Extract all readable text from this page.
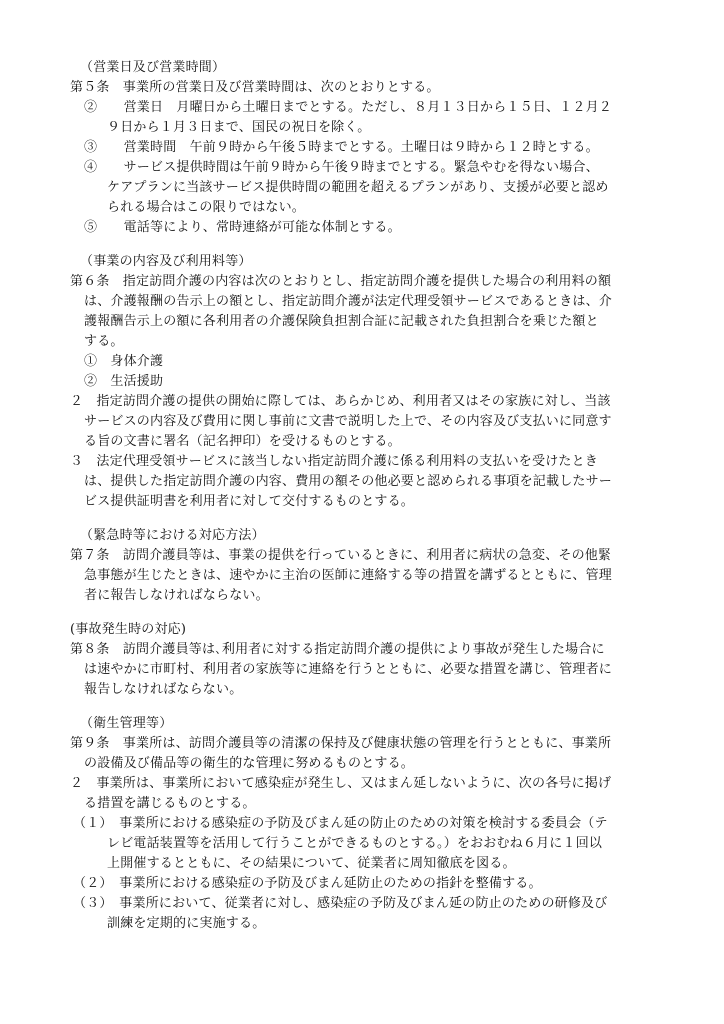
（営業日及び営業時間）
第５条　事業所の営業日及び営業時間は、次のとおりとする。
②　　営業日　月曜日から土曜日までとする。ただし、８月１３日から１５日、１２月２
９日から１月３日まで、国民の祝日を除く。
③　　営業時間　午前９時から午後５時までとする。土曜日は９時から１２時とする。
④　　サービス提供時間は午前９時から午後９時までとする。緊急やむを得ない場合、
ケアプランに当該サービス提供時間の範囲を超えるプランがあり、支援が必要と認め
られる場合はこの限りではない。
⑤　　電話等により、常時連絡が可能な体制とする。
（事業の内容及び利用料等）
第６条　指定訪問介護の内容は次のとおりとし、指定訪問介護を提供した場合の利用料の額
は、介護報酬の告示上の額とし、指定訪問介護が法定代理受領サービスであるときは、介
護報酬告示上の額に各利用者の介護保険負担割合証に記載された負担割合を乗じた額と
する。
①　身体介護
②　生活援助
２　指定訪問介護の提供の開始に際しては、あらかじめ、利用者又はその家族に対し、当該
サービスの内容及び費用に関し事前に文書で説明した上で、その内容及び支払いに同意す
る旨の文書に署名（記名押印）を受けるものとする。
３　法定代理受領サービスに該当しない指定訪問介護に係る利用料の支払いを受けたとき
は、提供した指定訪問介護の内容、費用の額その他必要と認められる事項を記載したサー
ビス提供証明書を利用者に対して交付するものとする。
（緊急時等における対応方法）
第７条　訪問介護員等は、事業の提供を行っているときに、利用者に病状の急変、その他緊
急事態が生じたときは、速やかに主治の医師に連絡する等の措置を講ずるとともに、管理
者に報告しなければならない。
(事故発生時の対応)
第８条　訪問介護員等は､利用者に対する指定訪問介護の提供により事故が発生した場合に
は速やかに市町村、利用者の家族等に連絡を行うとともに、必要な措置を講じ、管理者に
報告しなければならない。
（衛生管理等）
第９条　事業所は、訪問介護員等の清潔の保持及び健康状態の管理を行うとともに、事業所
の設備及び備品等の衛生的な管理に努めるものとする。
２　事業所は、事業所において感染症が発生し、又はまん延しないように、次の各号に掲げ
る措置を講じるものとする。
（１）　事業所における感染症の予防及びまん延の防止のための対策を検討する委員会（テ
レビ電話装置等を活用して行うことができるものとする。）をおおむね６月に１回以
上開催するとともに、その結果について、従業者に周知徹底を図る。
（２）　事業所における感染症の予防及びまん延防止のための指針を整備する。
（３）　事業所において、従業者に対し、感染症の予防及びまん延の防止のための研修及び
訓練を定期的に実施する。
